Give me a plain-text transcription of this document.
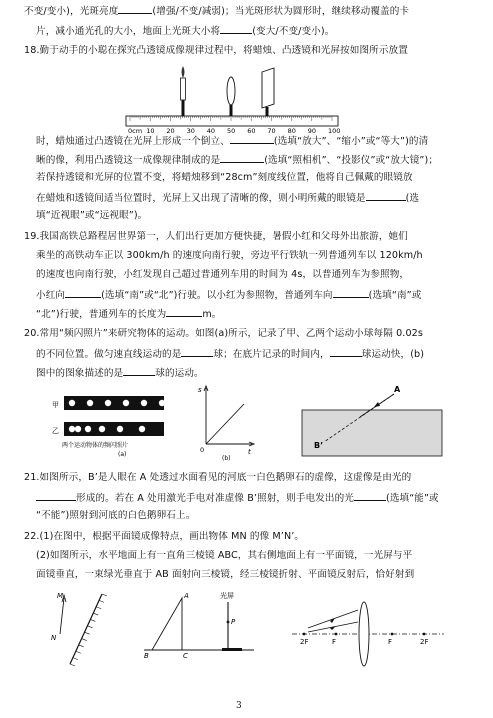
不变/变小)，光斑亮度	(增强/不变/减弱)；当光斑形状为圆形时，继续移动覆盖的卡
片，减小通光孔的大小，地面上光斑大小将	(变大/不变/变小)。
18.勤于动手的小聪在探究凸透镜成像规律过程中，将蜡烛、凸透镜和光屏按如图所示放置
0cm 10 20 30 40 50 60 70 80 90 100
时，蜡烛通过凸透镜在光屏上形成一个倒立、	(选填“放大”、“缩小”或“等大”)的清
晰的像，利用凸透镜这一成像规律制成的是	(选填“照相机”、“投影仪”或“放大镜”)；
若保持透镜和光屏的位置不变，将蜡烛移到“28cm”刻度线位置，他将自己佩戴的眼镜放
在蜡烛和透镜间适当位置时，光屏上又出现了清晰的像，则小明所戴的眼镜是	(选
填“近视眼”或“远视眼”)。
19.我国高铁总路程居世界第一，人们出行更加方便快捷，暑假小红和父母外出旅游，她们
乘坐的高铁动车正以 300km/h 的速度向南行驶，旁边平行铁轨一列普通列车以 120km/h
的速度也向南行驶，小红发现自己超过普通列车用的时间为 4s，以普通列车为参照物，
小红向	(选填“南”或“北”)行驶。以小红为参照物，普通列车向	(选填“南”或
“北”)行驶，普通列车的长度为	m。
20.常用“频闪照片”来研究物体的运动。如图(a)所示，记录了甲、乙两个运动小球每隔 0.02s
的不同位置。做匀速直线运动的是	球；在底片记录的时间内，	球运动快，(b)
图中的图象描述的是	球的运动。
甲
乙
两个运动物体的频闪照片
(a)
s
t
0
(b)
A
B’
21.如图所示，B’是人眼在 A 处透过水面看见的河底一白色鹅卵石的虚像，这虚像是由光的
形成的。若在 A 处用激光手电对准虚像 B’照射，则手电发出的光	(选填“能”或
“不能”)照射到河底的白色鹅卵石上。
22.(1)在图中，根据平面镜成像特点，画出物体 MN 的像 M’N’。
(2)如图所示，水平地面上有一直角三棱镜 ABC，其右侧地面上有一平面镜，一光屏与平
面镜垂直，一束绿光垂直于 AB 面射向三棱镜，经三棱镜折射、平面镜反射后，恰好射到
M
N
A
B	C
光屏
P
2F	F	F	2F
3
